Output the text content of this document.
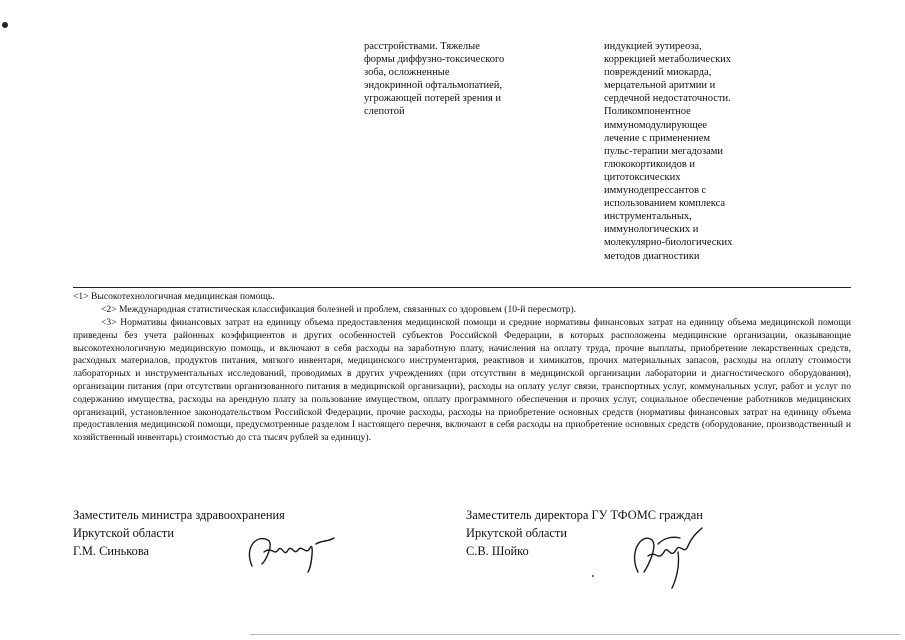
расстройствами. Тяжелые
формы диффузно-токсического
зоба, осложненные
эндокринной офтальмопатией,
угрожающей потерей зрения и
слепотой
индукцией эутиреоза,
коррекцией метаболических
повреждений миокарда,
мерцательной аритмии и
сердечной недостаточности.
Поликомпонентное
иммуномодулирующее
лечение с применением
пульс-терапии мегадозами
глюкокортикоидов и
цитотоксических
иммунодепрессантов с
использованием комплекса
инструментальных,
иммунологических и
молекулярно-биологических
методов диагностики
<1> Высокотехнологичная медицинская помощь.
<2> Международная статистическая классификация болезней и проблем, связанных со здоровьем (10-й пересмотр).
<3> Нормативы финансовых затрат на единицу объема предоставления медицинской помощи и средние нормативы финансовых затрат на единицу объема медицинской помощи приведены без учета районных коэффициентов и других особенностей субъектов Российской Федерации, в которых расположены медицинские организации, оказывающие высокотехнологичную медицинскую помощь, и включают в себя расходы на заработную плату, начисления на оплату труда, прочие выплаты, приобретение лекарственных средств, расходных материалов, продуктов питания, мягкого инвентаря, медицинского инструментария, реактивов и химикатов, прочих материальных запасов, расходы на оплату стоимости лабораторных и инструментальных исследований, проводимых в других учреждениях (при отсутствии в медицинской организации лаборатории и диагностического оборудования), организации питания (при отсутствии организованного питания в медицинской организации), расходы на оплату услуг связи, транспортных услуг, коммунальных услуг, работ и услуг по содержанию имущества, расходы на арендную плату за пользование имуществом, оплату программного обеспечения и прочих услуг, социальное обеспечение работников медицинских организаций, установленное законодательством Российской Федерации, прочие расходы, расходы на приобретение основных средств (нормативы финансовых затрат на единицу объема предоставления медицинской помощи, предусмотренные разделом I настоящего перечня, включают в себя расходы на приобретение основных средств (оборудование, производственный и хозяйственный инвентарь) стоимостью до ста тысяч рублей за единицу).
Заместитель министра здравоохранения
Иркутской области
Г.М. Синькова
Заместитель директора ГУ ТФОМС граждан
Иркутской области
С.В. Шойко
